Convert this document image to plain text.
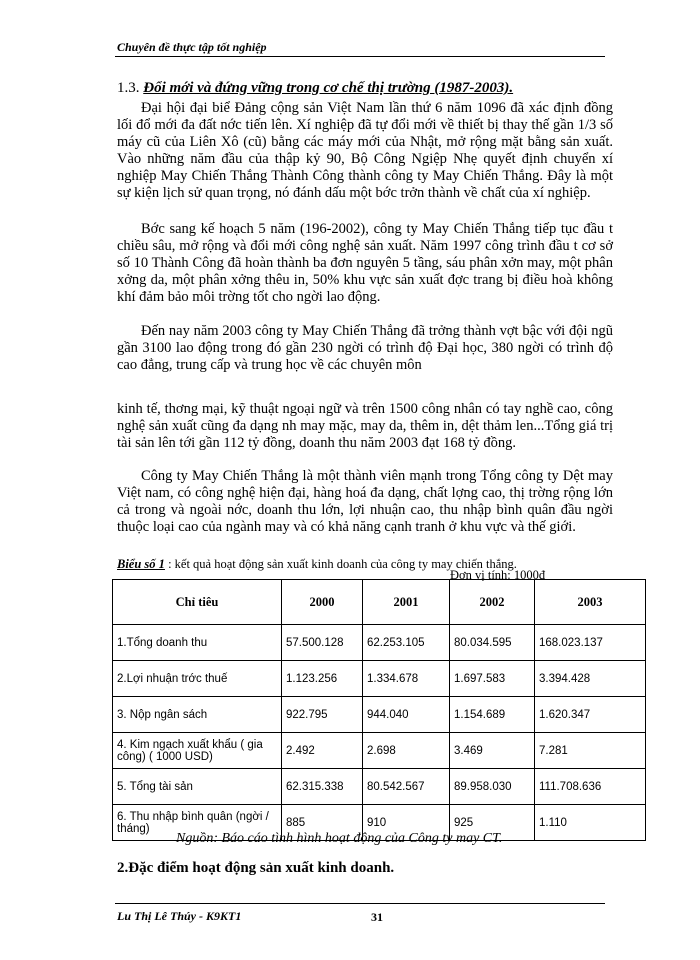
Chuyên đề thực tập tốt nghiệp
1.3. Đổi mới và đứng vững trong cơ chế thị trường (1987-2003).

Đại hội đại biể Đảng cộng sản Việt Nam lần thứ 6 năm 1096 đã xác định đồng lối đổ mới đa đất nớc tiến lên. Xí nghiệp đã tự đổi mới về thiết bị thay thế gần 1/3 số máy cũ của Liên Xô (cũ) bằng các máy mới của Nhật, mở rộng mặt bằng sản xuất. Vào những năm đầu của thập kỷ 90, Bộ Công Ngiệp Nhẹ quyết định chuyển xí nghiệp May Chiến Thắng Thành Công thành công ty May Chiến Thắng. Đây là một sự kiện lịch sử quan trọng, nó đánh dấu một bớc trởn thành về chất của xí nghiệp.

Bớc sang kế hoạch 5 năm (196-2002), công ty May Chiến Thắng tiếp tục đầu t chiều sâu, mở rộng và đổi mới công nghệ sản xuất. Năm 1997 công trình đầu t cơ sở số 10 Thành Công đã hoàn thành ba đơn nguyên 5 tầng, sáu phân xởn may, một phân xởng da, một phân xởng thêu in, 50% khu vực sản xuất đợc trang bị điều hoà không khí đảm bảo môi trờng tốt cho ngời lao động.

Đến nay năm 2003 công ty May Chiến Thắng đã trởng thành vợt bậc với đội ngũ gần 3100 lao động trong đó gần 230 ngời có trình độ Đại học, 380 ngời có trình độ cao đẳng, trung cấp và trung học về các chuyên môn

kinh tế, thơng mại, kỹ thuật ngoại ngữ và trên 1500 công nhân có tay nghề cao, công nghệ sản xuất cũng đa dạng nh may mặc, may da, thêm in, dệt thảm len...Tổng giá trị tài sản lên tới gần 112 tỷ đồng, doanh thu năm 2003 đạt 168 tỷ đồng.

Công ty May Chiến Thắng là một thành viên mạnh trong Tổng công ty Dệt may Việt nam, có công nghệ hiện đại, hàng hoá đa dạng, chất lợng cao, thị trờng rộng lớn cả trong và ngoài nớc, doanh thu lớn, lợi nhuận cao, thu nhập bình quân đầu ngời thuộc loại cao của ngành may và có khả năng cạnh tranh ở khu vực và thế giới.

Biểu số 1 : kết quả hoạt động sản xuất kinh doanh của công ty may chiến thắng.
Đơn vị tính: 1000đ
Chỉ tiêu	2000	2001	2002	2003
1.Tổng doanh thu	57.500.128	62.253.105	80.034.595	168.023.137
2.Lợi nhuận trớc thuế	1.123.256	1.334.678	1.697.583	3.394.428
3. Nộp ngân sách	922.795	944.040	1.154.689	1.620.347
4. Kim ngạch xuất khẩu ( gia công) ( 1000 USD)	2.492	2.698	3.469	7.281
5. Tổng tài sản	62.315.338	80.542.567	89.958.030	111.708.636
6. Thu nhập bình quân (ngời / tháng)	885	910	925	1.110
Nguồn: Báo cáo tình hình hoạt động của Công ty may CT.
2.Đặc điểm hoạt động sản xuất kinh doanh.
Lu Thị Lê Thúy - K9KT1	31
